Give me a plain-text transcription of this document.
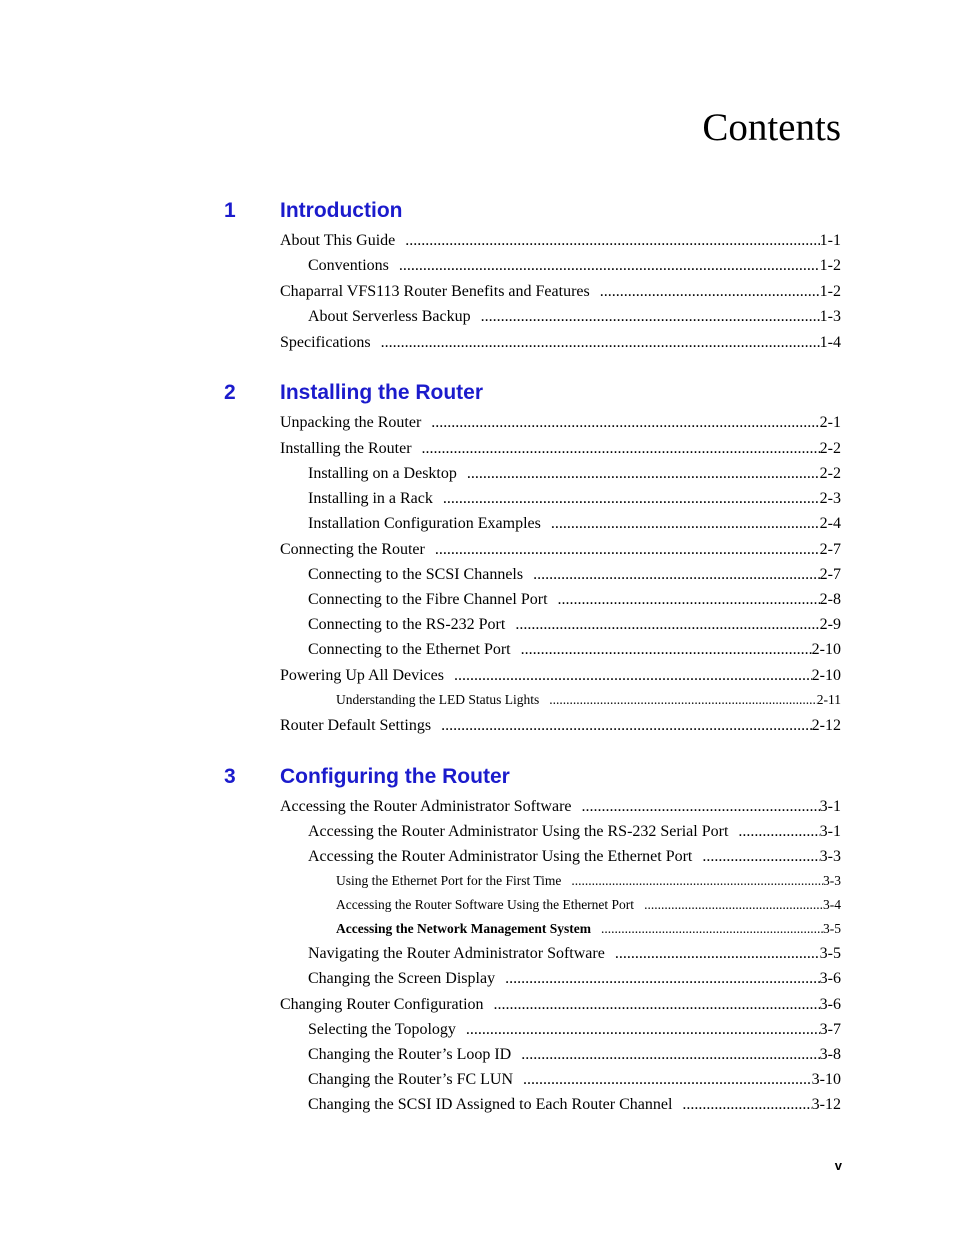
Contents
1 Introduction
About This Guide .....	1-1
Conventions .....	1-2
Chaparral VFS113 Router Benefits and Features .....	1-2
About Serverless Backup .....	1-3
Specifications .....	1-4
2 Installing the Router
Unpacking the Router .....	2-1
Installing the Router .....	2-2
Installing on a Desktop .....	2-2
Installing in a Rack .....	2-3
Installation Configuration Examples .....	2-4
Connecting the Router .....	2-7
Connecting to the SCSI Channels .....	2-7
Connecting to the Fibre Channel Port .....	2-8
Connecting to the RS-232 Port .....	2-9
Connecting to the Ethernet Port .....	2-10
Powering Up All Devices .....	2-10
Understanding the LED Status Lights .....	2-11
Router Default Settings .....	2-12
3 Configuring the Router
Accessing the Router Administrator Software .....	3-1
Accessing the Router Administrator Using the RS-232 Serial Port .....	3-1
Accessing the Router Administrator Using the Ethernet Port .....	3-3
Using the Ethernet Port for the First Time .....	3-3
Accessing the Router Software Using the Ethernet Port .....	3-4
Accessing the Network Management System .....	3-5
Navigating the Router Administrator Software .....	3-5
Changing the Screen Display .....	3-6
Changing Router Configuration .....	3-6
Selecting the Topology .....	3-7
Changing the Router’s Loop ID .....	3-8
Changing the Router’s FC LUN .....	3-10
Changing the SCSI ID Assigned to Each Router Channel .....	3-12
v
